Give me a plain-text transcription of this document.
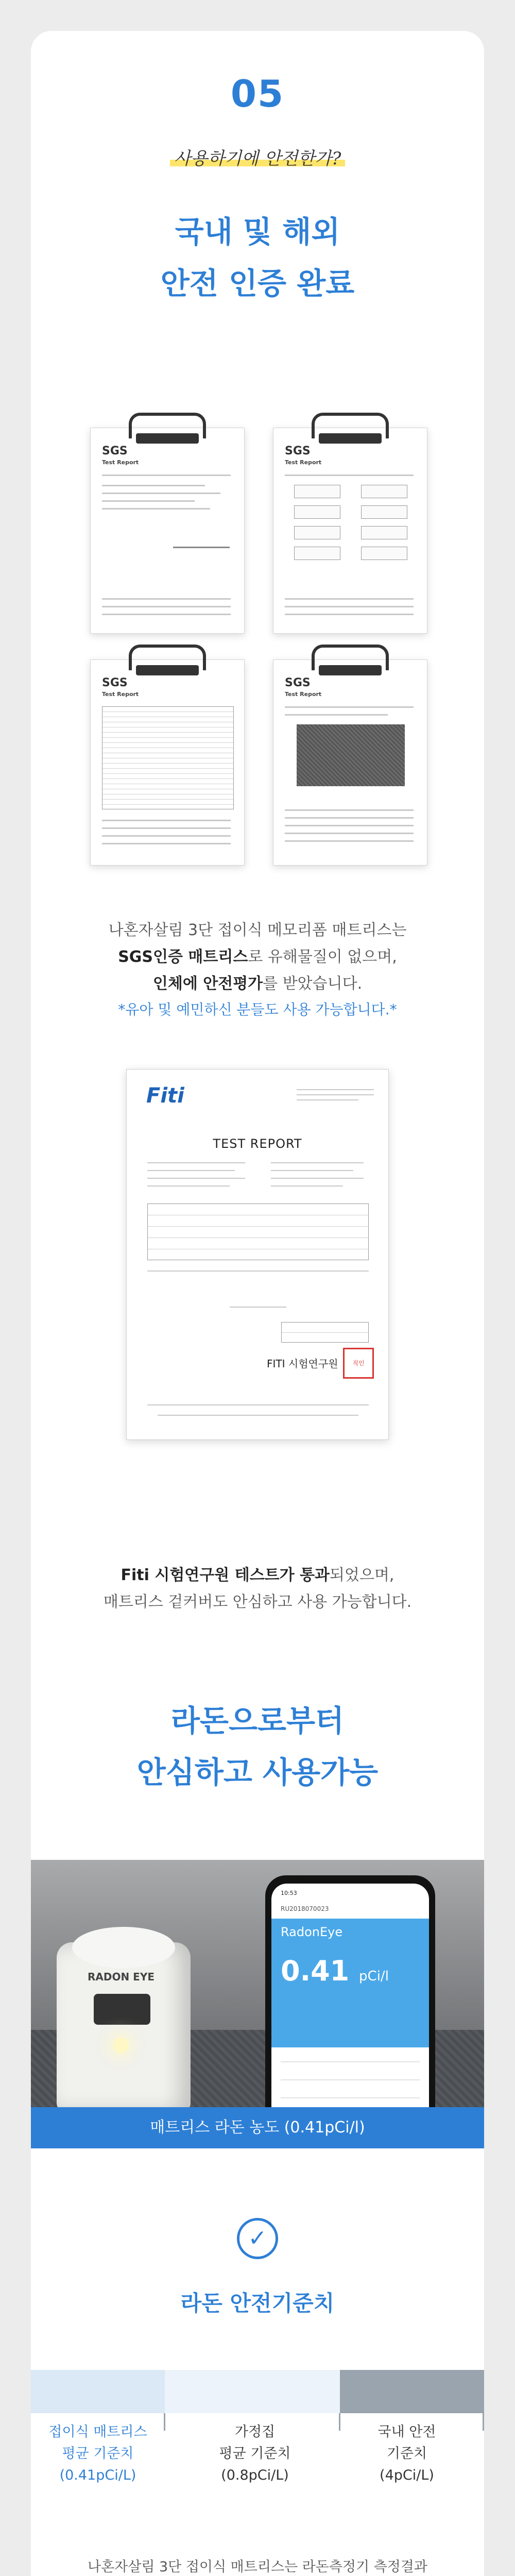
05
사용하기에 안전한가?
국내 및 해외
안전 인증 완료
SGS
Test Report
SGS
Test Report
SGS
Test Report
SGS
Test Report
나혼자살림 3단 접이식 메모리폼 매트리스는
SGS인증 매트리스로 유해물질이 없으며,
인체에 안전평가를 받았습니다.
*유아 및 예민하신 분들도 사용 가능합니다.*
Fiti
TEST REPORT
FITI 시험연구원	직인
Fiti 시험연구원 테스트가 통과되었으며,
매트리스 겉커버도 안심하고 사용 가능합니다.
라돈으로부터
안심하고 사용가능
RADON EYE
10:53
RU2018070023
RadonEye
0.41 pCi/l
매트리스 라돈 농도 (0.41pCi/l)
✓
라돈 안전기준치
접이식 매트리스
평균 기준치
(0.41pCi/L)
가정집
평균 기준치
(0.8pCi/L)
국내 안전
기준치
(4pCi/L)
나혼자살림 3단 접이식 매트리스는 라돈측정기 측정결과
